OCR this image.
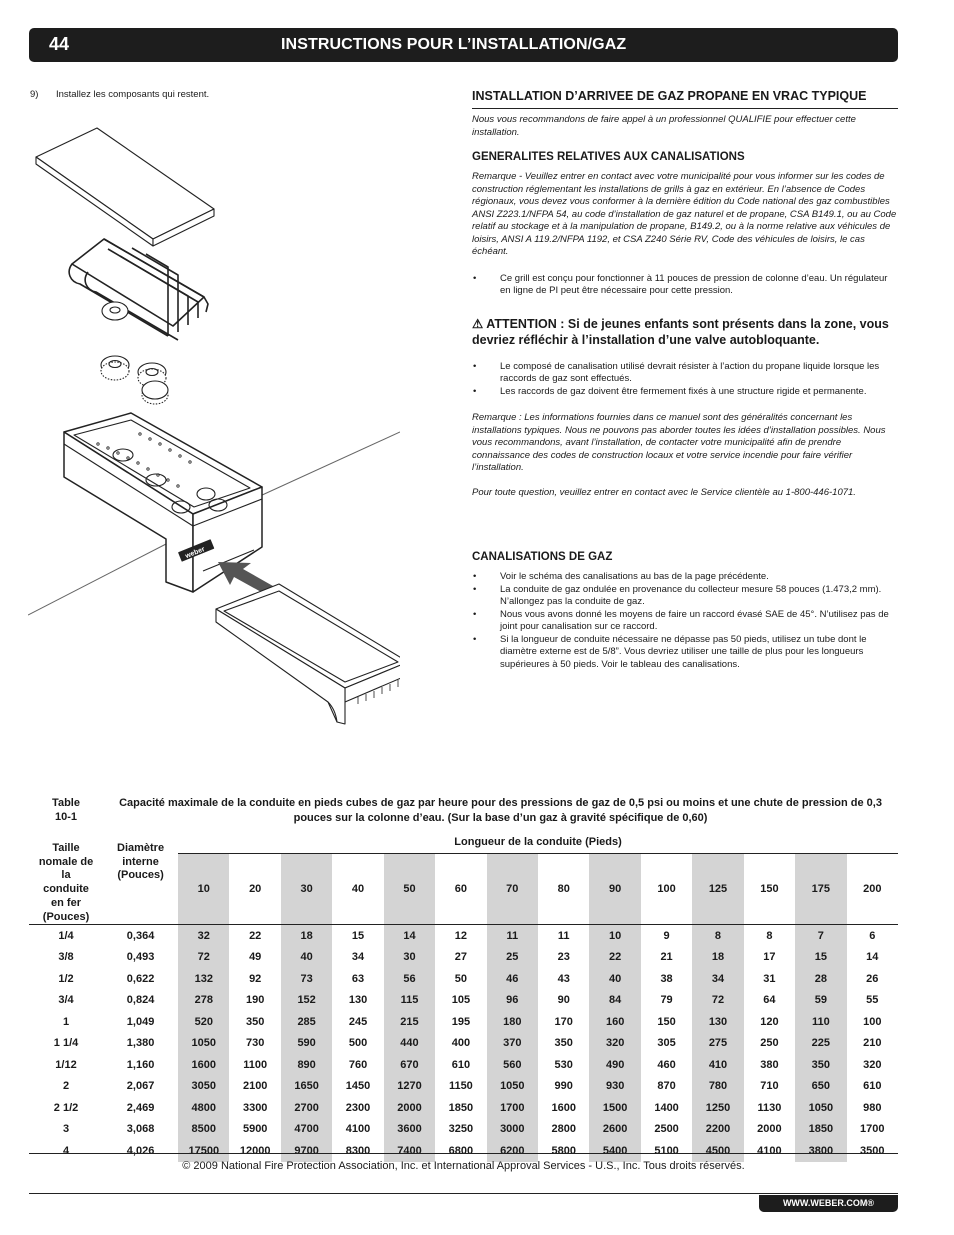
44	INSTRUCTIONS POUR L’INSTALLATION/GAZ
9) Installez les composants qui restent.
weber
INSTALLATION D’ARRIVEE DE GAZ PROPANE EN VRAC TYPIQUE
Nous vous recommandons de faire appel à un professionnel QUALIFIE pour effectuer cette installation.
GENERALITES RELATIVES AUX CANALISATIONS
Remarque - Veuillez entrer en contact avec votre municipalité pour vous informer sur les codes de construction réglementant les installations de grills à gaz en extérieur. En l’absence de Codes régionaux, vous devez vous conformer à la dernière édition du Code national des gaz combustibles ANSI Z223.1/NFPA 54, au code d’installation de gaz naturel et de propane, CSA B149.1, ou au Code relatif au stockage et à la manipulation de propane, B149.2, ou à la norme relative aux véhicules de loisirs, ANSI A 119.2/NFPA 1192, et CSA Z240 Série RV, Code des véhicules de loisirs, le cas échéant.
• Ce grill est conçu pour fonctionner à 11 pouces de pression de colonne d’eau. Un régulateur en ligne de PI peut être nécessaire pour cette pression.
⚠ ATTENTION : Si de jeunes enfants sont présents dans la zone, vous devriez réfléchir à l’installation d’une valve autobloquante.
• Le composé de canalisation utilisé devrait résister à l’action du propane liquide lorsque les raccords de gaz sont effectués.
• Les raccords de gaz doivent être fermement fixés à une structure rigide et permanente.
Remarque : Les informations fournies dans ce manuel sont des généralités concernant les installations typiques. Nous ne pouvons pas aborder toutes les idées d’installation possibles. Nous vous recommandons, avant l’installation, de contacter votre municipalité afin de prendre connaissance des codes de construction locaux et votre service incendie pour faire vérifier l’installation.
Pour toute question, veuillez entrer en contact avec le Service clientèle au 1-800-446-1071.
CANALISATIONS DE GAZ
• Voir le schéma des canalisations au bas de la page précédente.
• La conduite de gaz ondulée en provenance du collecteur mesure 58 pouces (1.473,2 mm). N’allongez pas la conduite de gaz.
• Nous vous avons donné les moyens de faire un raccord évasé SAE de 45°. N’utilisez pas de joint pour canalisation sur ce raccord.
• Si la longueur de conduite nécessaire ne dépasse pas 50 pieds, utilisez un tube dont le diamètre externe est de 5/8”. Vous devriez utiliser une taille de plus pour les longueurs supérieures à 50 pieds. Voir le tableau des canalisations.
Table 10-1	Capacité maximale de la conduite en pieds cubes de gaz par heure pour des pressions de gaz de 0,5 psi ou moins et une chute de pression de 0,3 pouces sur la colonne d’eau. (Sur la base d’un gaz à gravité spécifique de 0,60)														
Taille nomale de la conduite en fer (Pouces)	Diamètre interne (Pouces)	Longueur de la conduite (Pieds)													
		10	20	30	40	50	60	70	80	90	100	125	150	175	200
1/4	0,364	32	22	18	15	14	12	11	11	10	9	8	8	7	6
3/8	0,493	72	49	40	34	30	27	25	23	22	21	18	17	15	14
1/2	0,622	132	92	73	63	56	50	46	43	40	38	34	31	28	26
3/4	0,824	278	190	152	130	115	105	96	90	84	79	72	64	59	55
1	1,049	520	350	285	245	215	195	180	170	160	150	130	120	110	100
1 1/4	1,380	1050	730	590	500	440	400	370	350	320	305	275	250	225	210
1/12	1,160	1600	1100	890	760	670	610	560	530	490	460	410	380	350	320
2	2,067	3050	2100	1650	1450	1270	1150	1050	990	930	870	780	710	650	610
2 1/2	2,469	4800	3300	2700	2300	2000	1850	1700	1600	1500	1400	1250	1130	1050	980
3	3,068	8500	5900	4700	4100	3600	3250	3000	2800	2600	2500	2200	2000	1850	1700
4	4,026	17500	12000	9700	8300	7400	6800	6200	5800	5400	5100	4500	4100	3800	3500
© 2009 National Fire Protection Association, Inc. et International Approval Services - U.S., Inc. Tous droits réservés.
WWW.WEBER.COM®
